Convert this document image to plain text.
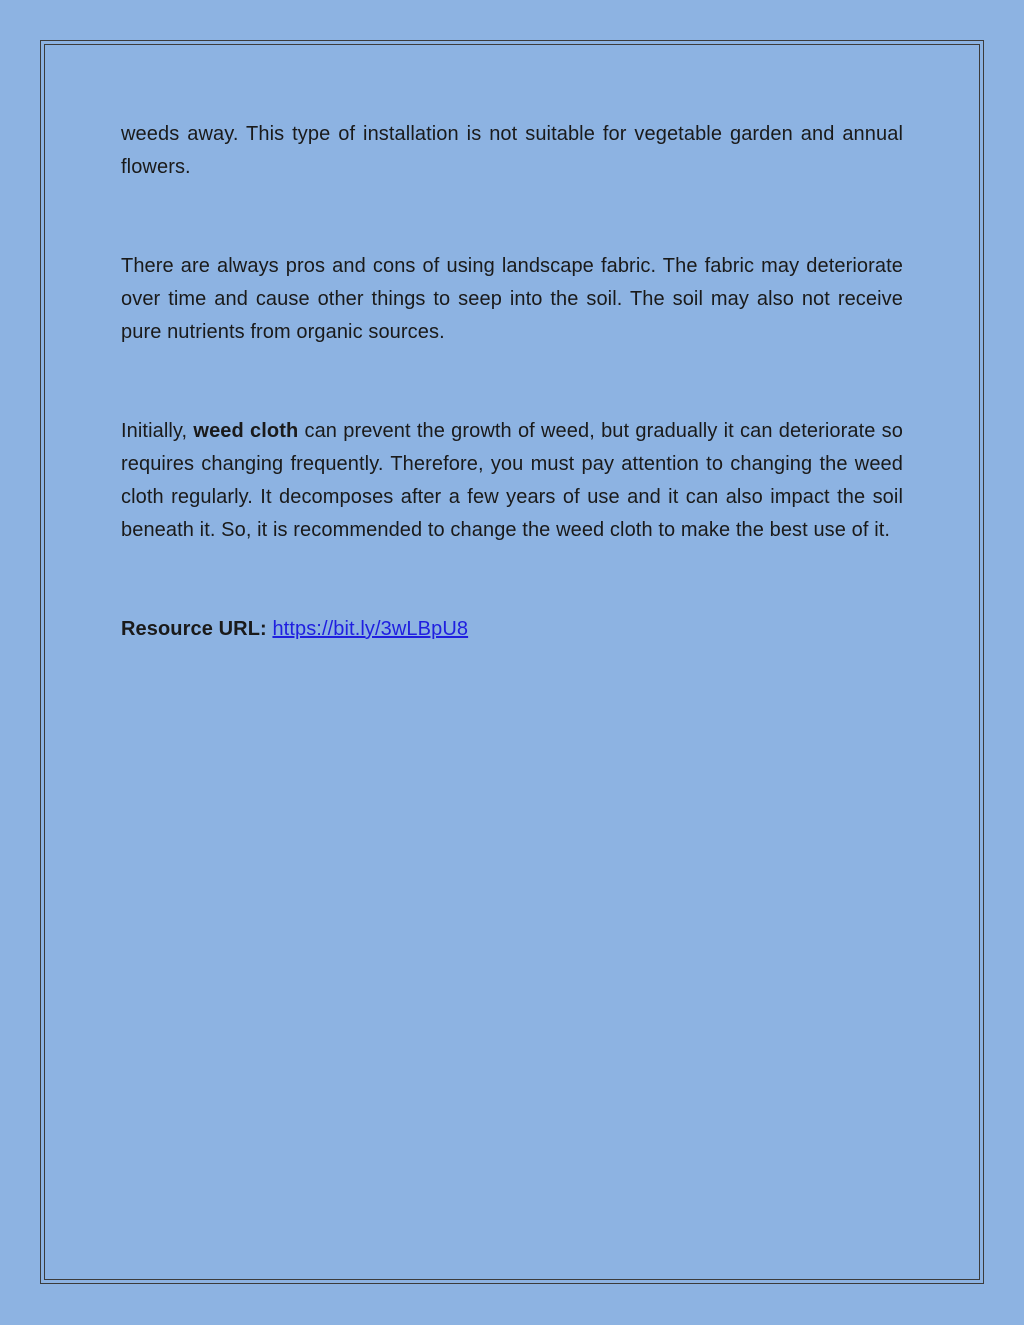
weeds away. This type of installation is not suitable for vegetable garden and annual flowers.

There are always pros and cons of using landscape fabric. The fabric may deteriorate over time and cause other things to seep into the soil. The soil may also not receive pure nutrients from organic sources.

Initially, weed cloth can prevent the growth of weed, but gradually it can deteriorate so requires changing frequently. Therefore, you must pay attention to changing the weed cloth regularly. It decomposes after a few years of use and it can also impact the soil beneath it. So, it is recommended to change the weed cloth to make the best use of it.

Resource URL: https://bit.ly/3wLBpU8
